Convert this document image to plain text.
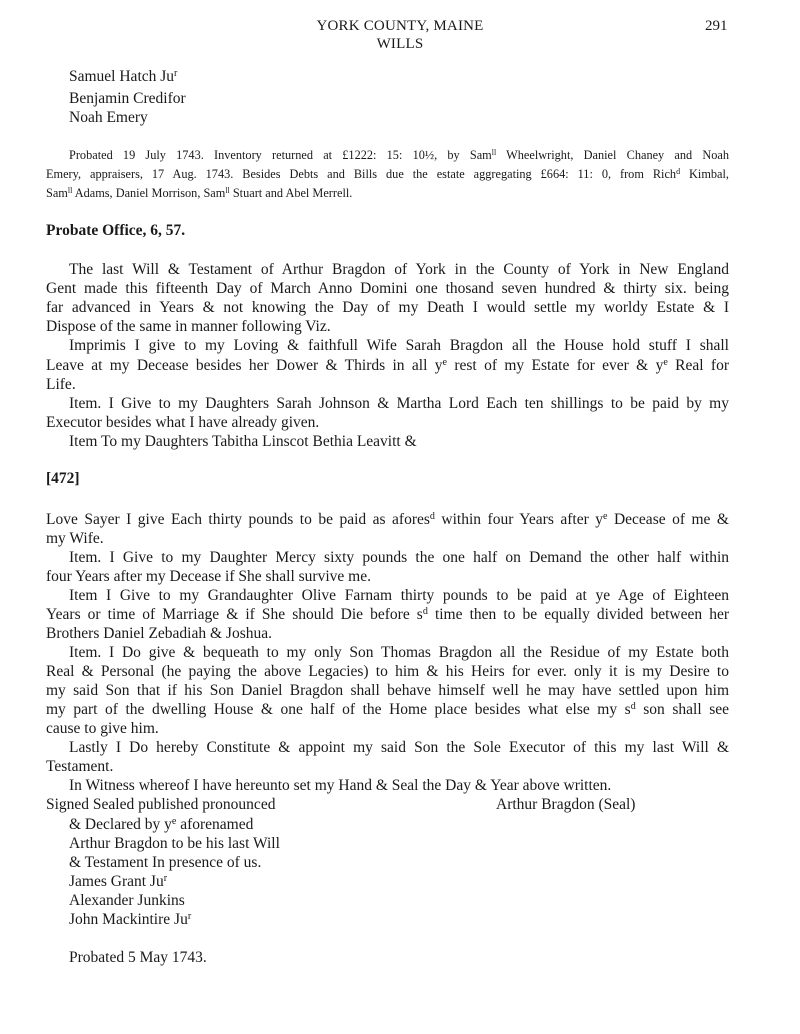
YORK COUNTY, MAINE
WILLS
291
Samuel Hatch Ju$^r$
Benjamin Credifor
Noah Emery
Probated 19 July 1743. Inventory returned at £1222: 15: 10½, by Sam$^{ll}$ Wheelwright, Daniel Chaney and Noah
Emery, appraisers, 17 Aug. 1743. Besides Debts and Bills due the estate aggregating £664: 11: 0, from Rich$^d$ Kimbal,
Sam$^{ll}$ Adams, Daniel Morrison, Sam$^{ll}$ Stuart and Abel Merrell.
Probate Office, 6, 57.
The last Will & Testament of Arthur Bragdon of York in the County of York in New England
Gent made this fifteenth Day of March Anno Domini one thosand seven hundred & thirty six. being
far advanced in Years & not knowing the Day of my Death I would settle my worldy Estate & I
Dispose of the same in manner following Viz.
Imprimis I give to my Loving & faithfull Wife Sarah Bragdon all the House hold stuff I shall
Leave at my Decease besides her Dower & Thirds in all $y^e$ rest of my Estate for ever & $y^e$ Real for
Life.
Item. I Give to my Daughters Sarah Johnson & Martha Lord Each ten shillings to be paid by my
Executor besides what I have already given.
Item To my Daughters Tabitha Linscot Bethia Leavitt &
[472]
Love Sayer I give Each thirty pounds to be paid as afores$^d$ within four Years after $y^e$ Decease of me &
my Wife.
Item. I Give to my Daughter Mercy sixty pounds the one half on Demand the other half within
four Years after my Decease if She shall survive me.
Item I Give to my Grandaughter Olive Farnam thirty pounds to be paid at ye Age of Eighteen
Years or time of Marriage & if She should Die before $s^d$ time then to be equally divided between her
Brothers Daniel Zebadiah & Joshua.
Item. I Do give & bequeath to my only Son Thomas Bragdon all the Residue of my Estate both
Real & Personal (he paying the above Legacies) to him & his Heirs for ever. only it is my Desire to
my said Son that if his Son Daniel Bragdon shall behave himself well he may have settled upon him
my part of the dwelling House & one half of the Home place besides what else my $s^d$ son shall see
cause to give him.
Lastly I Do hereby Constitute & appoint my said Son the Sole Executor of this my last Will &
Testament.
In Witness whereof I have hereunto set my Hand & Seal the Day & Year above written.
Signed Sealed published pronounced	Arthur Bragdon (Seal)
& Declared by $y^e$ aforenamed
Arthur Bragdon to be his last Will
& Testament In presence of us.
James Grant Ju$^r$
Alexander Junkins
John Mackintire Ju$^r$
Probated 5 May 1743.
